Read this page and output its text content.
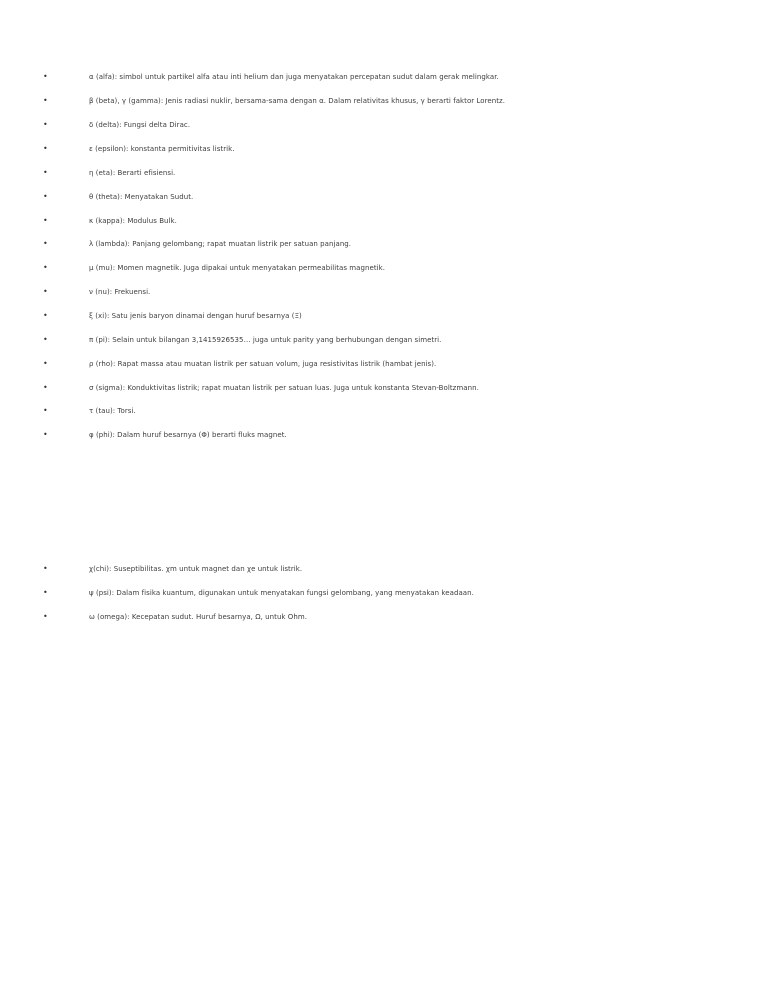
•	α (alfa): simbol untuk partikel alfa atau inti helium dan juga menyatakan percepatan sudut dalam gerak melingkar.
•	β (beta), γ (gamma): Jenis radiasi nuklir, bersama-sama dengan α. Dalam relativitas khusus, γ berarti faktor Lorentz.
•	δ (delta): Fungsi delta Dirac.
•	ε (epsilon): konstanta permitivitas listrik.
•	η (eta): Berarti efisiensi.
•	θ (theta): Menyatakan Sudut.
•	κ (kappa): Modulus Bulk.
•	λ (lambda): Panjang gelombang; rapat muatan listrik per satuan panjang.
•	µ (mu): Momen magnetik. Juga dipakai untuk menyatakan permeabilitas magnetik.
•	ν (nu): Frekuensi.
•	ξ (xi): Satu jenis baryon dinamai dengan huruf besarnya (Ξ)
•	π (pi): Selain untuk bilangan 3,1415926535… juga untuk parity yang berhubungan dengan simetri.
•	ρ (rho): Rapat massa atau muatan listrik per satuan volum, juga resistivitas listrik (hambat jenis).
•	σ (sigma): Konduktivitas listrik; rapat muatan listrik per satuan luas. Juga untuk konstanta Stevan-Boltzmann.
•	τ (tau): Torsi.
•	φ (phi): Dalam huruf besarnya (Φ) berarti fluks magnet.
•	χ(chi): Suseptibilitas. χm untuk magnet dan χe untuk listrik.
•	ψ (psi): Dalam fisika kuantum, digunakan untuk menyatakan fungsi gelombang, yang menyatakan keadaan.
•	ω (omega): Kecepatan sudut. Huruf besarnya, Ω, untuk Ohm.
